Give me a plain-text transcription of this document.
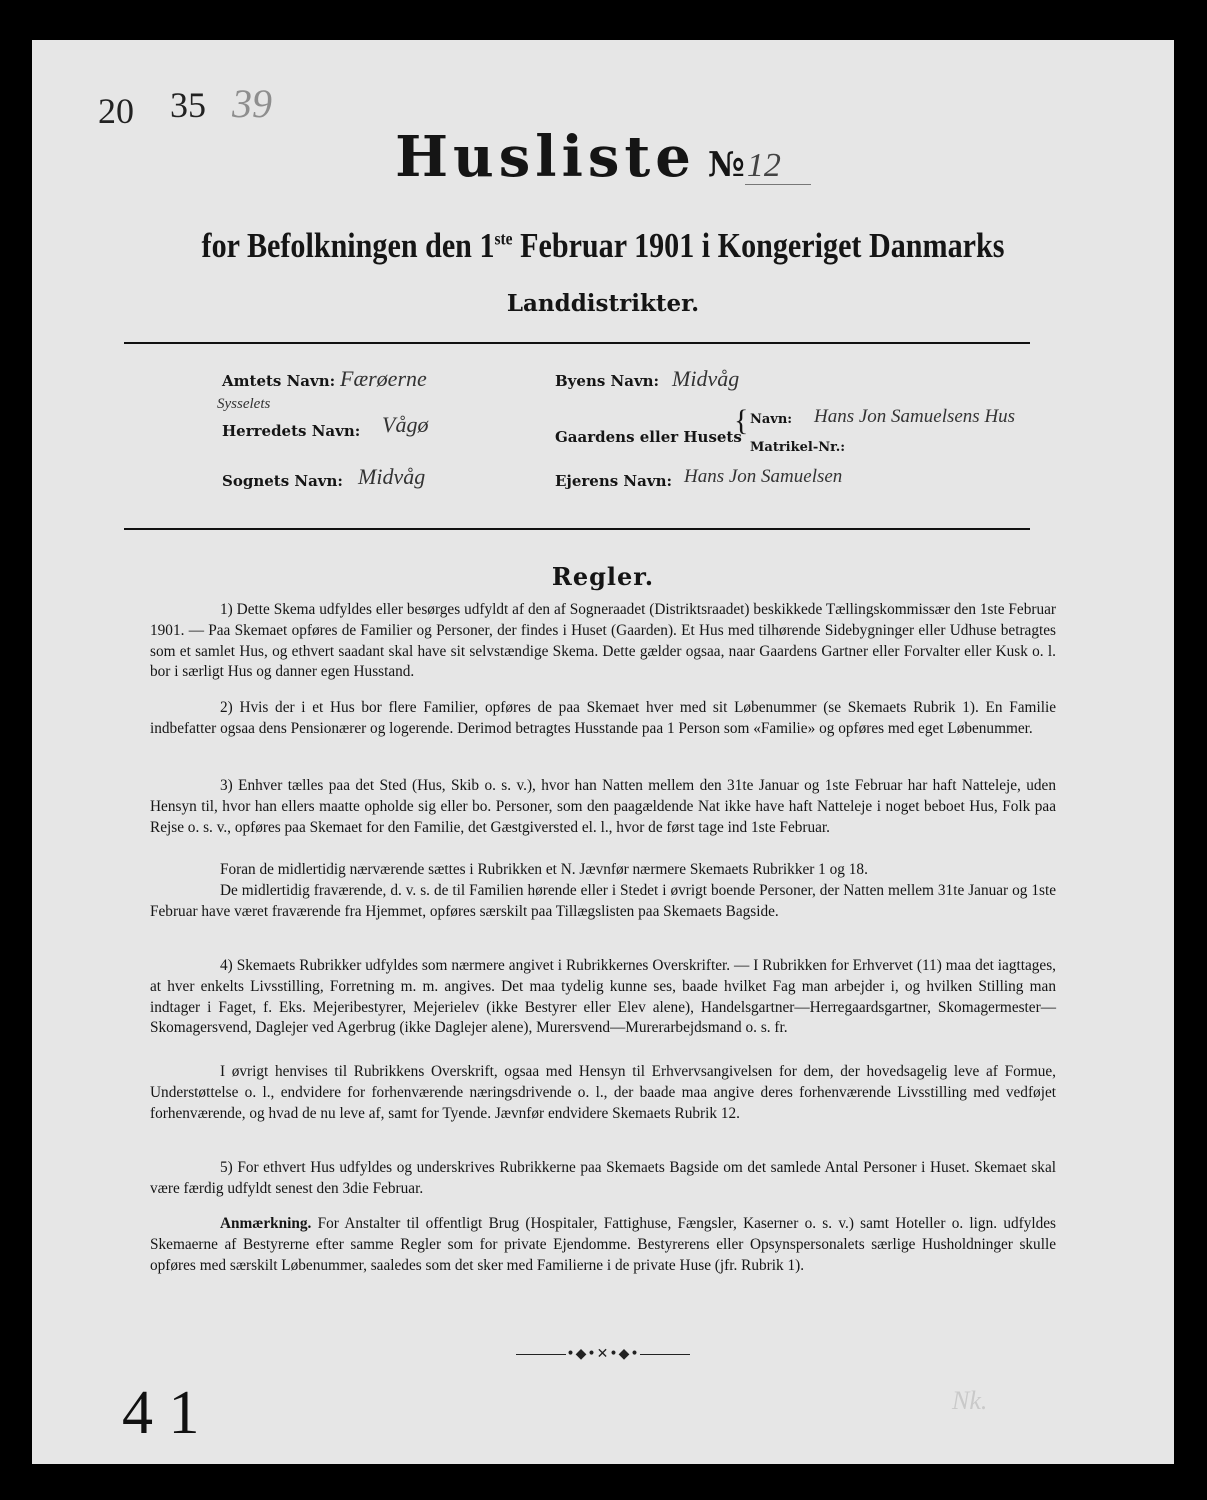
20 35 39
Husliste №12
for Befolkningen den 1ste Februar 1901 i Kongeriget Danmarks
Landdistrikter.
Amtets Navn: Færøerne
Sysselets
Herredets Navn: Vågø
Sognets Navn: Midvåg
Byens Navn: Midvåg
Gaardens eller Husets
{ Navn: Hans Jon Samuelsens Hus
Matrikel-Nr.:
Ejerens Navn: Hans Jon Samuelsen
Regler.

1) Dette Skema udfyldes eller besørges udfyldt af den af Sogneraadet (Distriktsraadet) beskikkede Tællingskommissær den 1ste Februar 1901. — Paa Skemaet opføres de Familier og Personer, der findes i Huset (Gaarden). Et Hus med tilhørende Sidebygninger eller Udhuse betragtes som et samlet Hus, og ethvert saadant skal have sit selvstændige Skema. Dette gælder ogsaa, naar Gaardens Gartner eller Forvalter eller Kusk o. l. bor i særligt Hus og danner egen Husstand.

2) Hvis der i et Hus bor flere Familier, opføres de paa Skemaet hver med sit Løbenummer (se Skemaets Rubrik 1). En Familie indbefatter ogsaa dens Pensionærer og logerende. Derimod betragtes Husstande paa 1 Person som «Familie» og opføres med eget Løbenummer.

3) Enhver tælles paa det Sted (Hus, Skib o. s. v.), hvor han Natten mellem den 31te Januar og 1ste Februar har haft Natteleje, uden Hensyn til, hvor han ellers maatte opholde sig eller bo. Personer, som den paagældende Nat ikke have haft Natteleje i noget beboet Hus, Folk paa Rejse o. s. v., opføres paa Skemaet for den Familie, det Gæstgiversted el. l., hvor de først tage ind 1ste Februar.

Foran de midlertidig nærværende sættes i Rubrikken et N. Jævnfør nærmere Skemaets Rubrikker 1 og 18.

De midlertidig fraværende, d. v. s. de til Familien hørende eller i Stedet i øvrigt boende Personer, der Natten mellem 31te Januar og 1ste Februar have været fraværende fra Hjemmet, opføres særskilt paa Tillægslisten paa Skemaets Bagside.

4) Skemaets Rubrikker udfyldes som nærmere angivet i Rubrikkernes Overskrifter. — I Rubrikken for Erhvervet (11) maa det iagttages, at hver enkelts Livsstilling, Forretning m. m. angives. Det maa tydelig kunne ses, baade hvilket Fag man arbejder i, og hvilken Stilling man indtager i Faget, f. Eks. Mejeribestyrer, Mejerielev (ikke Bestyrer eller Elev alene), Handelsgartner—Herregaardsgartner, Skomagermester—Skomagersvend, Daglejer ved Agerbrug (ikke Daglejer alene), Murersvend—Murerarbejdsmand o. s. fr.

I øvrigt henvises til Rubrikkens Overskrift, ogsaa med Hensyn til Erhvervsangivelsen for dem, der hovedsagelig leve af Formue, Understøttelse o. l., endvidere for forhenværende næringsdrivende o. l., der baade maa angive deres forhenværende Livsstilling med vedføjet forhenværende, og hvad de nu leve af, samt for Tyende. Jævnfør endvidere Skemaets Rubrik 12.

5) For ethvert Hus udfyldes og underskrives Rubrikkerne paa Skemaets Bagside om det samlede Antal Personer i Huset. Skemaet skal være færdig udfyldt senest den 3die Februar.

Anmærkning. For Anstalter til offentligt Brug (Hospitaler, Fattighuse, Fængsler, Kaserner o. s. v.) samt Hoteller o. lign. udfyldes Skemaerne af Bestyrerne efter samme Regler som for private Ejendomme. Bestyrerens eller Opsynspersonalets særlige Husholdninger skulle opføres med særskilt Løbenummer, saaledes som det sker med Familierne i de private Huse (jfr. Rubrik 1).

•◆•✕•◆•
4 1	Nk.
